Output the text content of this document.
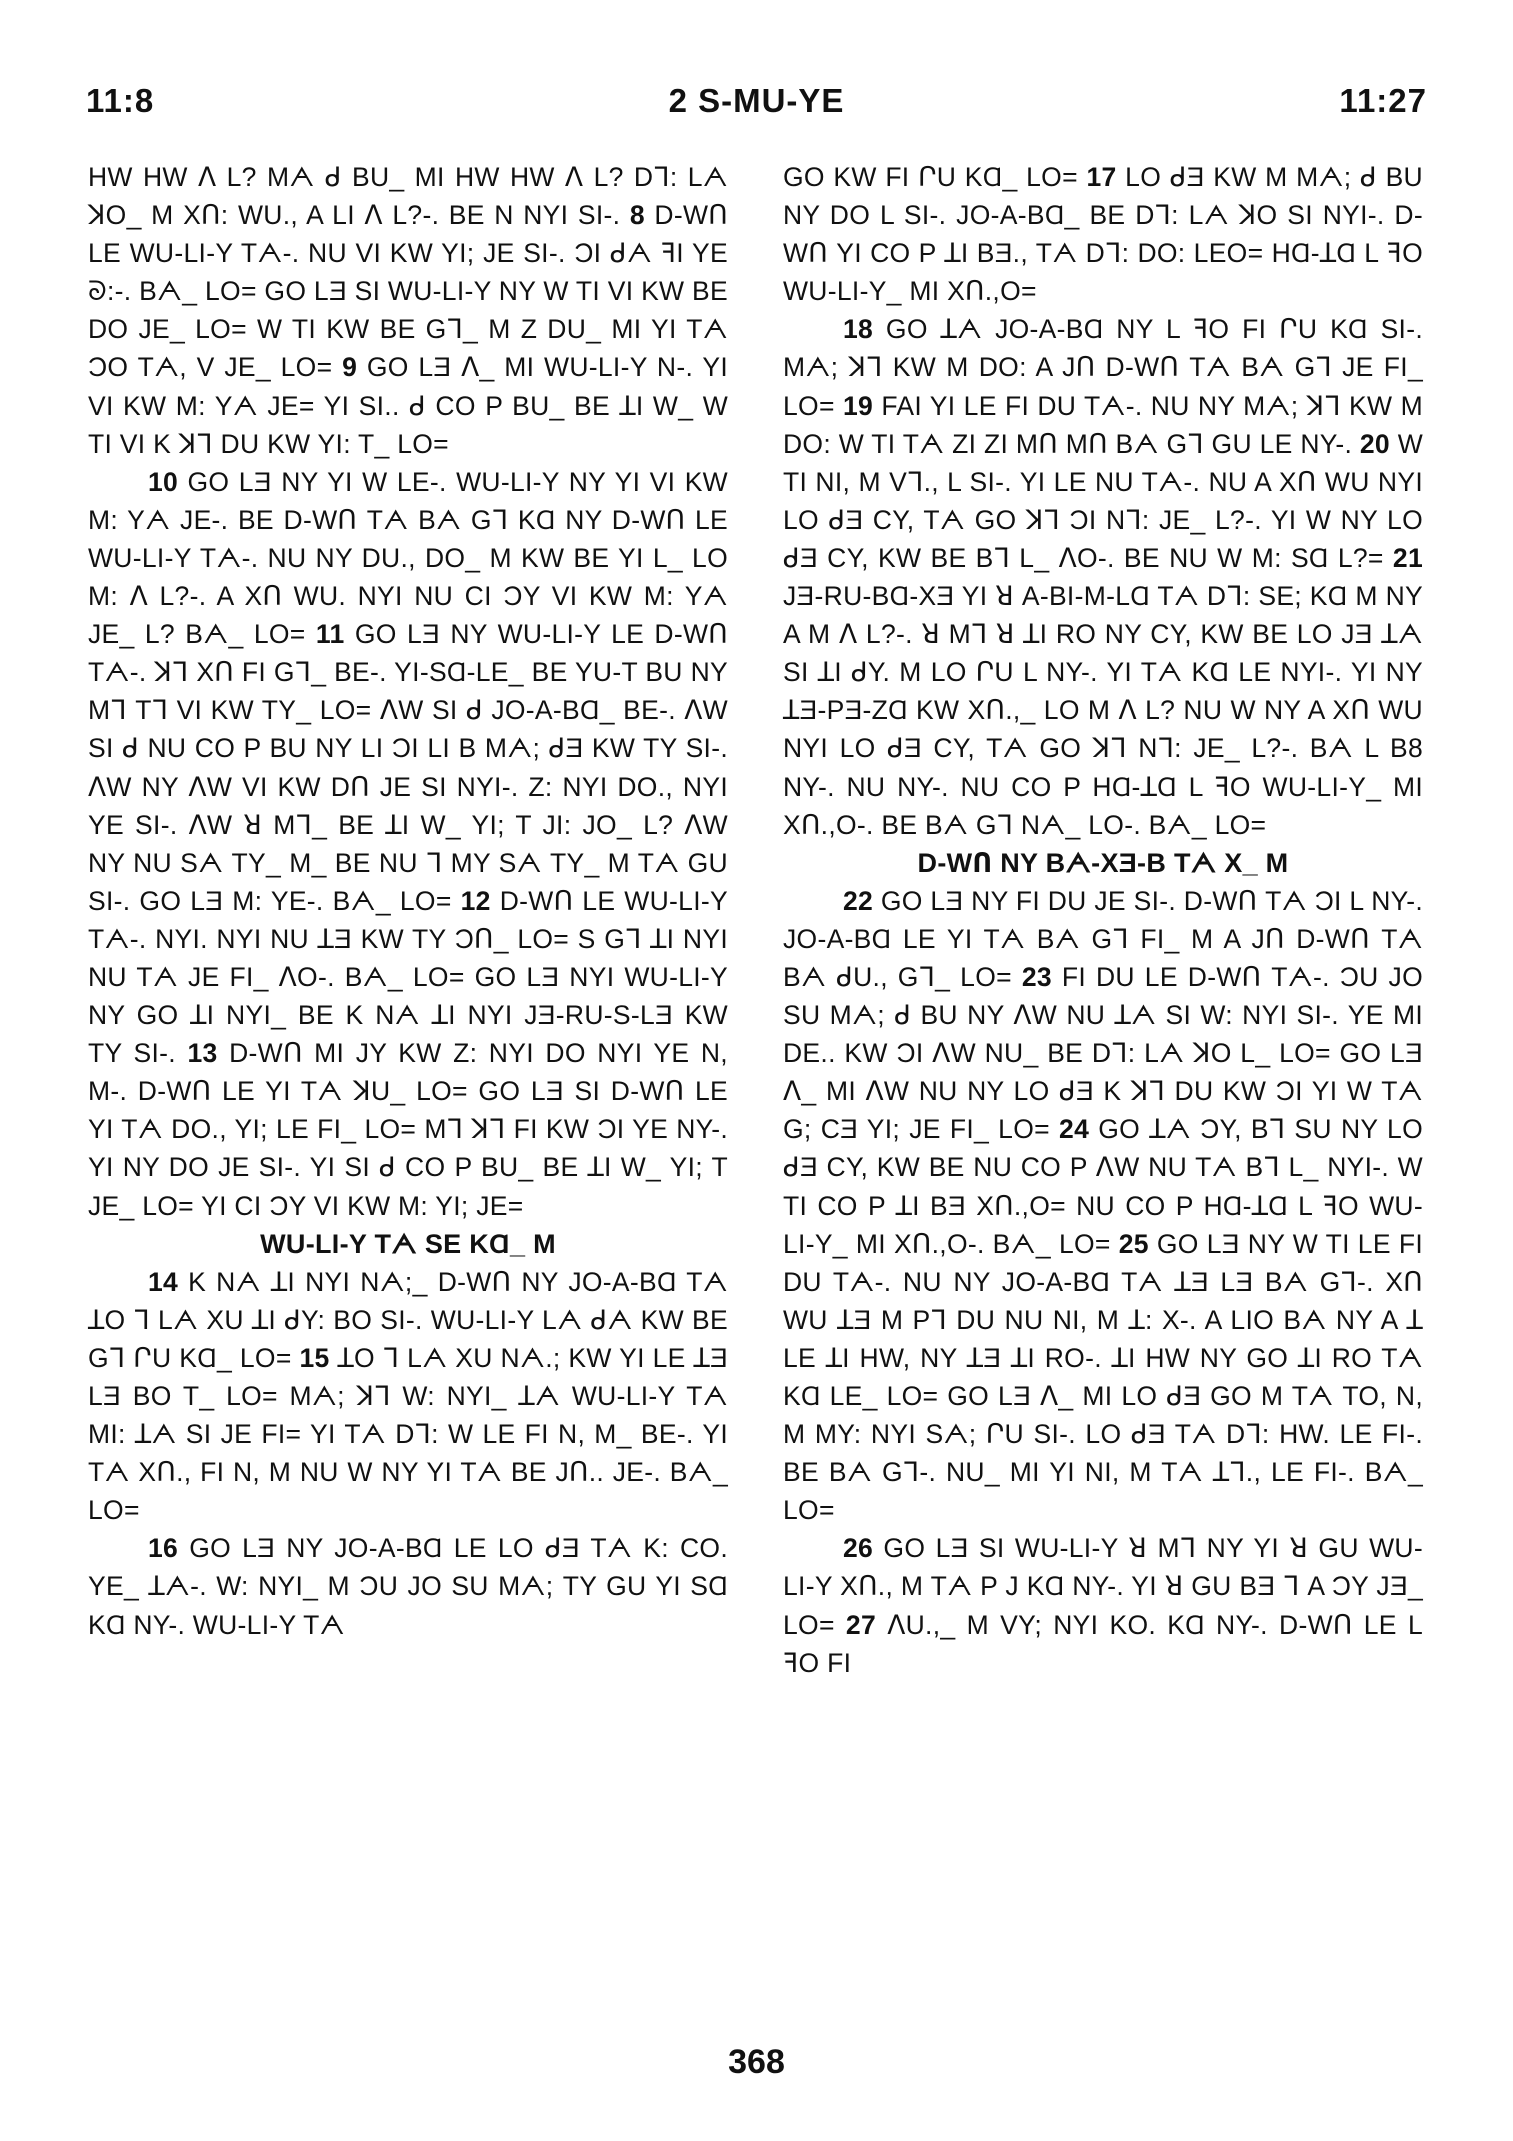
11:8	2 S-MU-YE	11:27

HW HW ᐱ L? Mᗅ ᑯ BU_ MI HW HW ᐱ L? Dᒣ: Lᗅ ꓘO_ M XՈ: WU., A LI ᐱ L?-. BE N NYI SI-. 8 D-WՈ LE WU-LI-Y Tᗅ-. NU VI KW YI; JE SI-. ƆI ᑯᗅ ꟻI YE ᘐ:-. Bᗅ_ LO= GO LƎ SI WU-LI-Y NY W TI VI KW BE DO JE_ LO= W TI KW BE Gᒣ_ M Z DU_ MI YI Tᗅ ƆO Tᗅ, V JE_ LO= 9 GO LƎ ᐱ_ MI WU-LI-Y N-. YI VI KW M: Yᗅ JE= YI SI.. ᑯ CO P BU_ BE ꓕI W_ W TI VI K ꓘᒣ DU KW YI: T_ LO=

10 GO LƎ NY YI W LE-. WU-LI-Y NY YI VI KW M: Yᗅ JE-. BE D-WՈ Tᗅ Bᗅ Gᒣ KⱭ NY D-WՈ LE WU-LI-Y Tᗅ-. NU NY DU., DO_ M KW BE YI L_ LO M: ᐱ L?-. A XՈ WU. NYI NU CI ƆY VI KW M: Yᗅ JE_ L? Bᗅ_ LO= 11 GO LƎ NY WU-LI-Y LE D-WՈ Tᗅ-. ꓘᒣ XՈ FI Gᒣ_ BE-. YI-SⱭ-LE_ BE YU-T BU NY Mᒣ Tᒣ VI KW TY_ LO= ᐱW SI ᑯ JO-A-BⱭ_ BE-. ᐱW SI ᑯ NU CO P BU NY LI ƆI LI B Mᗅ; ᑯƎ KW TY SI-. ᐱW NY ᐱW VI KW DՈ JE SI NYI-. Z: NYI DO., NYI YE SI-. ᐱW ꓤ Mᒣ_ BE ꓕI W_ YI; T JI: JO_ L? ᐱW NY NU Sᗅ TY_ M_ BE NU ᒣ MY Sᗅ TY_ M Tᗅ GU SI-. GO LƎ M: YE-. Bᗅ_ LO= 12 D-WՈ LE WU-LI-Y Tᗅ-. NYI. NYI NU ꓕƎ KW TY ƆՈ_ LO= S Gᒣ ꓕI NYI NU Tᗅ JE FI_ ᐱO-. Bᗅ_ LO= GO LƎ NYI WU-LI-Y NY GO ꓕI NYI_ BE K Nᗅ ꓕI NYI JƎ-RU-S-LƎ KW TY SI-. 13 D-WՈ MI JY KW Z: NYI DO NYI YE N, M-. D-WՈ LE YI Tᗅ ꓘU_ LO= GO LƎ SI D-WՈ LE YI Tᗅ DO., YI; LE FI_ LO= Mᒣ ꓘᒣ FI KW ƆI YE NY-. YI NY DO JE SI-. YI SI ᑯ CO P BU_ BE ꓕI W_ YI; T JE_ LO= YI CI ƆY VI KW M: YI; JE=

WU-LI-Y Tᗅ SE KⱭ_ M

14 K Nᗅ ꓕI NYI Nᗅ;_ D-WՈ NY JO-A-BⱭ Tᗅ ꓕO ᒣ Lᗅ XU ꓕI ᑯY: BO SI-. WU-LI-Y Lᗅ ᑯᗅ KW BE Gᒣ ՐU KⱭ_ LO= 15 ꓕO ᒣ Lᗅ XU Nᗅ.; KW YI LE ꓕƎ LƎ BO T_ LO= Mᗅ; ꓘᒣ W: NYI_ ꓕᗅ WU-LI-Y Tᗅ MI: ꓕᗅ SI JE FI= YI Tᗅ Dᒣ: W LE FI N, M_ BE-. YI Tᗅ XՈ., FI N, M NU W NY YI Tᗅ BE JՈ.. JE-. Bᗅ_ LO=

16 GO LƎ NY JO-A-BⱭ LE LO ᑯƎ Tᗅ K: CO. YE_ ꓕᗅ-. W: NYI_ M ƆU JO SU Mᗅ; TY GU YI SⱭ KⱭ NY-. WU-LI-Y Tᗅ

GO KW FI ՐU KⱭ_ LO= 17 LO ᑯƎ KW M Mᗅ; ᑯ BU NY DO L SI-. JO-A-BⱭ_ BE Dᒣ: Lᗅ ꓘO SI NYI-. D-WՈ YI CO P ꓕI BƎ., Tᗅ Dᒣ: DO: LEO= HⱭ-ꓕⱭ L ꟻO WU-LI-Y_ MI XՈ.,O=

18 GO ꓕᗅ JO-A-BⱭ NY L ꟻO FI ՐU KⱭ SI-. Mᗅ; ꓘᒣ KW M DO: A JՈ D-WՈ Tᗅ Bᗅ Gᒣ JE FI_ LO= 19 FAI YI LE FI DU Tᗅ-. NU NY Mᗅ; ꓘᒣ KW M DO: W TI Tᗅ ZI ZI MՈ MՈ Bᗅ Gᒣ GU LE NY-. 20 W TI NI, M Vᒣ., L SI-. YI LE NU Tᗅ-. NU A XՈ WU NYI LO ᑯƎ CY, Tᗅ GO ꓘᒣ ƆI Nᒣ: JE_ L?-. YI W NY LO ᑯƎ CY, KW BE Bᒣ L_ ᐱO-. BE NU W M: SⱭ L?= 21 JƎ-RU-BⱭ-XƎ YI ꓤ A-BI-M-LⱭ Tᗅ Dᒣ: SE; KⱭ M NY A M ᐱ L?-. ꓤ Mᒣ ꓤ ꓕI RO NY CY, KW BE LO JƎ ꓕᗅ SI ꓕI ᑯY. M LO ՐU L NY-. YI Tᗅ KⱭ LE NYI-. YI NY ꓕƎ-PƎ-ZⱭ KW XՈ.,_ LO M ᐱ L? NU W NY A XՈ WU NYI LO ᑯƎ CY, Tᗅ GO ꓘᒣ Nᒣ: JE_ L?-. Bᗅ L B8 NY-. NU NY-. NU CO P HⱭ-ꓕⱭ L ꟻO WU-LI-Y_ MI XՈ.,O-. BE Bᗅ Gᒣ Nᗅ_ LO-. Bᗅ_ LO=

D-WՈ NY Bᗅ-XƎ-B Tᗅ X_ M

22 GO LƎ NY FI DU JE SI-. D-WՈ Tᗅ ƆI L NY-. JO-A-BⱭ LE YI Tᗅ Bᗅ Gᒣ FI_ M A JՈ D-WՈ Tᗅ Bᗅ ᑯU., Gᒣ_ LO= 23 FI DU LE D-WՈ Tᗅ-. ƆU JO SU Mᗅ; ᑯ BU NY ᐱW NU ꓕᗅ SI W: NYI SI-. YE MI DE.. KW ƆI ᐱW NU_ BE Dᒣ: Lᗅ ꓘO L_ LO= GO LƎ ᐱ_ MI ᐱW NU NY LO ᑯƎ K ꓘᒣ DU KW ƆI YI W Tᗅ G; CƎ YI; JE FI_ LO= 24 GO ꓕᗅ ƆY, Bᒣ SU NY LO ᑯƎ CY, KW BE NU CO P ᐱW NU Tᗅ Bᒣ L_ NYI-. W TI CO P ꓕI BƎ XՈ.,O= NU CO P HⱭ-ꓕⱭ L ꟻO WU-LI-Y_ MI XՈ.,O-. Bᗅ_ LO= 25 GO LƎ NY W TI LE FI DU Tᗅ-. NU NY JO-A-BⱭ Tᗅ ꓕƎ LƎ Bᗅ Gᒣ-. XՈ WU ꓕƎ M Pᒣ DU NU NI, M ꓕ: X-. A LIO Bᗅ NY A ꓕ LE ꓕI HW, NY ꓕƎ ꓕI RO-. ꓕI HW NY GO ꓕI RO Tᗅ KⱭ LE_ LO= GO LƎ ᐱ_ MI LO ᑯƎ GO M Tᗅ TO, N, M MY: NYI Sᗅ; ՐU SI-. LO ᑯƎ Tᗅ Dᒣ: HW. LE FI-. BE Bᗅ Gᒣ-. NU_ MI YI NI, M Tᗅ ꓕᒣ., LE FI-. Bᗅ_ LO=

26 GO LƎ SI WU-LI-Y ꓤ Mᒣ NY YI ꓤ GU WU-LI-Y XՈ., M Tᗅ P J KⱭ NY-. YI ꓤ GU BƎ ᒣ A ƆY JƎ_ LO= 27 ᐱU.,_ M VY; NYI KO. KⱭ NY-. D-WՈ LE L ꟻO FI

368
